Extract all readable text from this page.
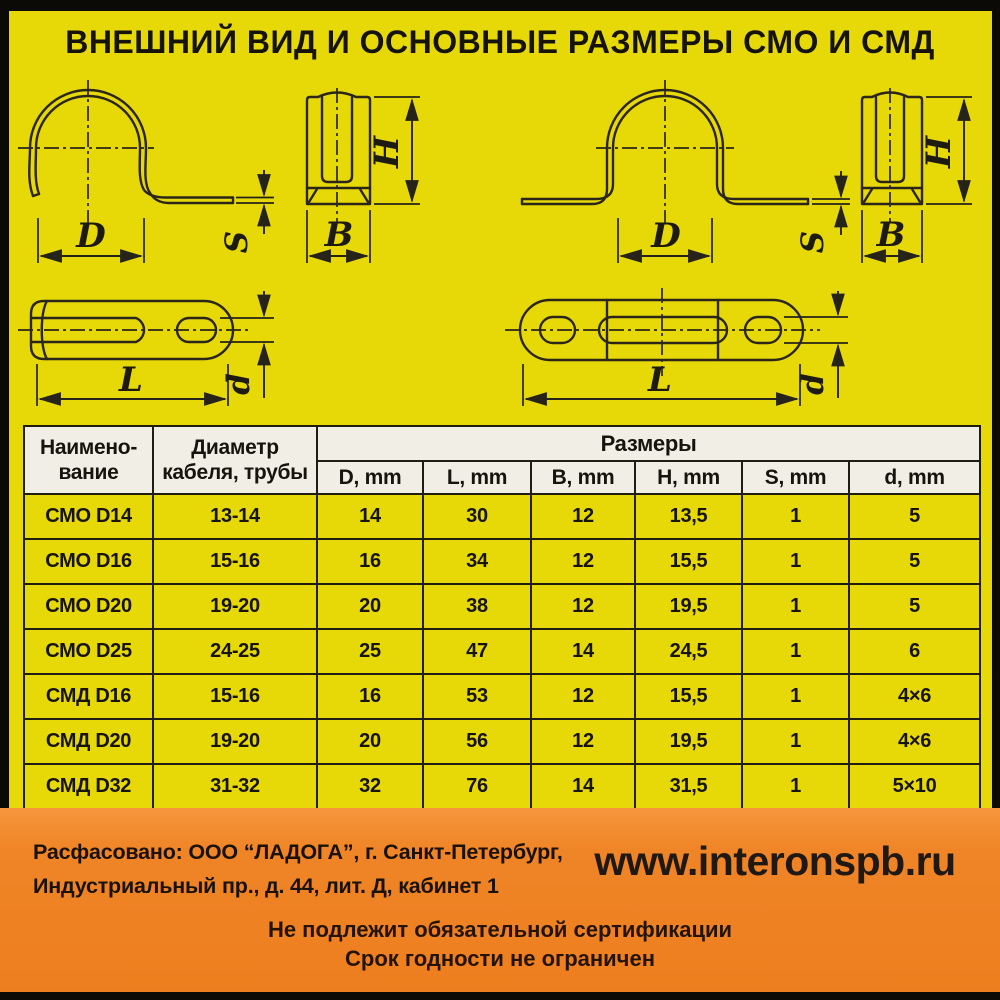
ВНЕШНИЙ ВИД И ОСНОВНЫЕ РАЗМЕРЫ СМО И СМД
D	S
H
B	D	S
H
B
L	d	L	d
Наимено-
вание	Диаметр
кабеля, трубы	Размеры					
		D, mm	L, mm	B, mm	H, mm	S, mm	d, mm
СМО D14	13-14	14	30	12	13,5	1	5
СМО D16	15-16	16	34	12	15,5	1	5
СМО D20	19-20	20	38	12	19,5	1	5
СМО D25	24-25	25	47	14	24,5	1	6
СМД D16	15-16	16	53	12	15,5	1	4×6
СМД D20	19-20	20	56	12	19,5	1	4×6
СМД D32	31-32	32	76	14	31,5	1	5×10
Расфасовано: ООО “ЛАДОГА”, г. Санкт-Петербург,
Индустриальный пр., д. 44, лит. Д, кабинет 1
www.interonspb.ru
Не подлежит обязательной сертификации
Срок годности не ограничен
